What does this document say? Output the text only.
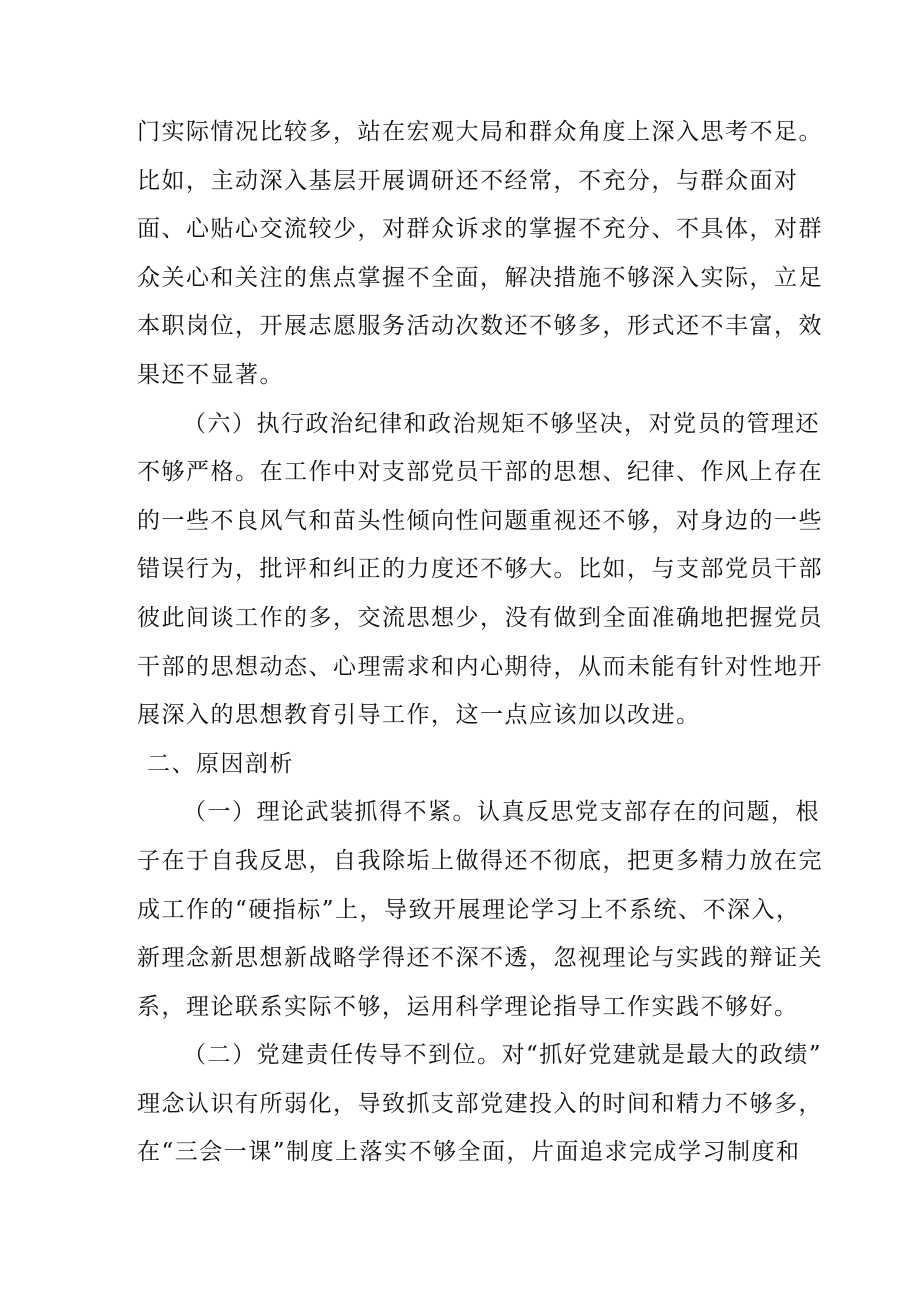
门实际情况比较多，站在宏观大局和群众角度上深入思考不足。
比如，主动深入基层开展调研还不经常，不充分，与群众面对
面、心贴心交流较少，对群众诉求的掌握不充分、不具体，对群
众关心和关注的焦点掌握不全面，解决措施不够深入实际，立足
本职岗位，开展志愿服务活动次数还不够多，形式还不丰富，效
果还不显著。
（六）执行政治纪律和政治规矩不够坚决，对党员的管理还
不够严格。在工作中对支部党员干部的思想、纪律、作风上存在
的一些不良风气和苗头性倾向性问题重视还不够，对身边的一些
错误行为，批评和纠正的力度还不够大。比如，与支部党员干部
彼此间谈工作的多，交流思想少，没有做到全面准确地把握党员
干部的思想动态、心理需求和内心期待，从而未能有针对性地开
展深入的思想教育引导工作，这一点应该加以改进。
二、原因剖析
（一）理论武装抓得不紧。认真反思党支部存在的问题，根
子在于自我反思，自我除垢上做得还不彻底，把更多精力放在完
成工作的“硬指标”上，导致开展理论学习上不系统、不深入，
新理念新思想新战略学得还不深不透，忽视理论与实践的辩证关
系，理论联系实际不够，运用科学理论指导工作实践不够好。
（二）党建责任传导不到位。对“抓好党建就是最大的政绩”
理念认识有所弱化，导致抓支部党建投入的时间和精力不够多，
在“三会一课”制度上落实不够全面，片面追求完成学习制度和
